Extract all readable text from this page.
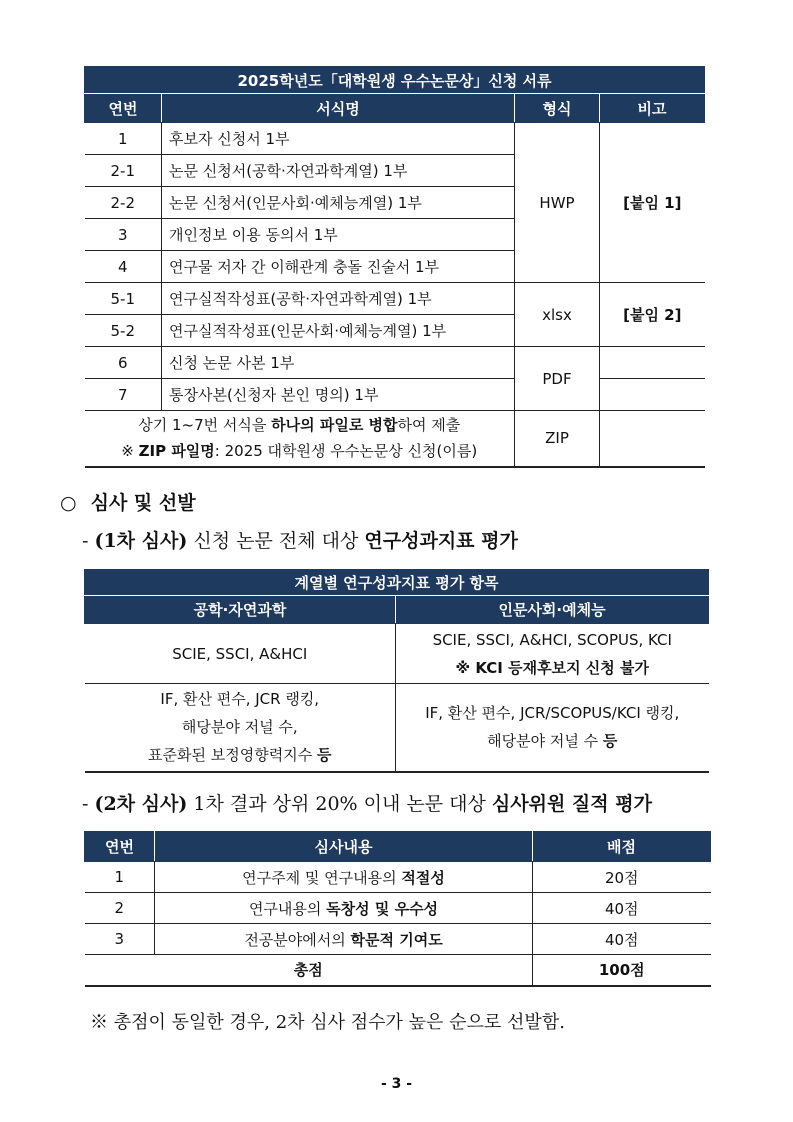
2025학년도「대학원생 우수논문상」신청 서류			
연번	서식명	형식	비고
1	후보자 신청서 1부	HWP	[붙임 1]
2-1	논문 신청서(공학·자연과학계열) 1부		
2-2	논문 신청서(인문사회·예체능계열) 1부		
3	개인정보 이용 동의서 1부		
4	연구물 저자 간 이해관계 충돌 진술서 1부		
5-1	연구실적작성표(공학·자연과학계열) 1부	xlsx	[붙임 2]
5-2	연구실적작성표(인문사회·예체능계열) 1부		
6	신청 논문 사본 1부	PDF	
7	통장사본(신청자 본인 명의) 1부		
상기 1~7번 서식을 하나의 파일로 병합하여 제출
※ ZIP 파일명: 2025 대학원생 우수논문상 신청(이름)		ZIP	
○ 심사 및 선발
- (1차 심사) 신청 논문 전체 대상 연구성과지표 평가
계열별 연구성과지표 평가 항목	
공학·자연과학	인문사회·예체능
SCIE, SSCI, A&HCI	SCIE, SSCI, A&HCI, SCOPUS, KCI
※ KCI 등재후보지 신청 불가
IF, 환산 편수, JCR 랭킹,
해당분야 저널 수,
표준화된 보정영향력지수 등	IF, 환산 편수, JCR/SCOPUS/KCI 랭킹,
해당분야 저널 수 등
- (2차 심사) 1차 결과 상위 20% 이내 논문 대상 심사위원 질적 평가
연번	심사내용	배점
1	연구주제 및 연구내용의 적절성	20점
2	연구내용의 독창성 및 우수성	40점
3	전공분야에서의 학문적 기여도	40점
총점		100점
※ 총점이 동일한 경우, 2차 심사 점수가 높은 순으로 선발함.
- 3 -
